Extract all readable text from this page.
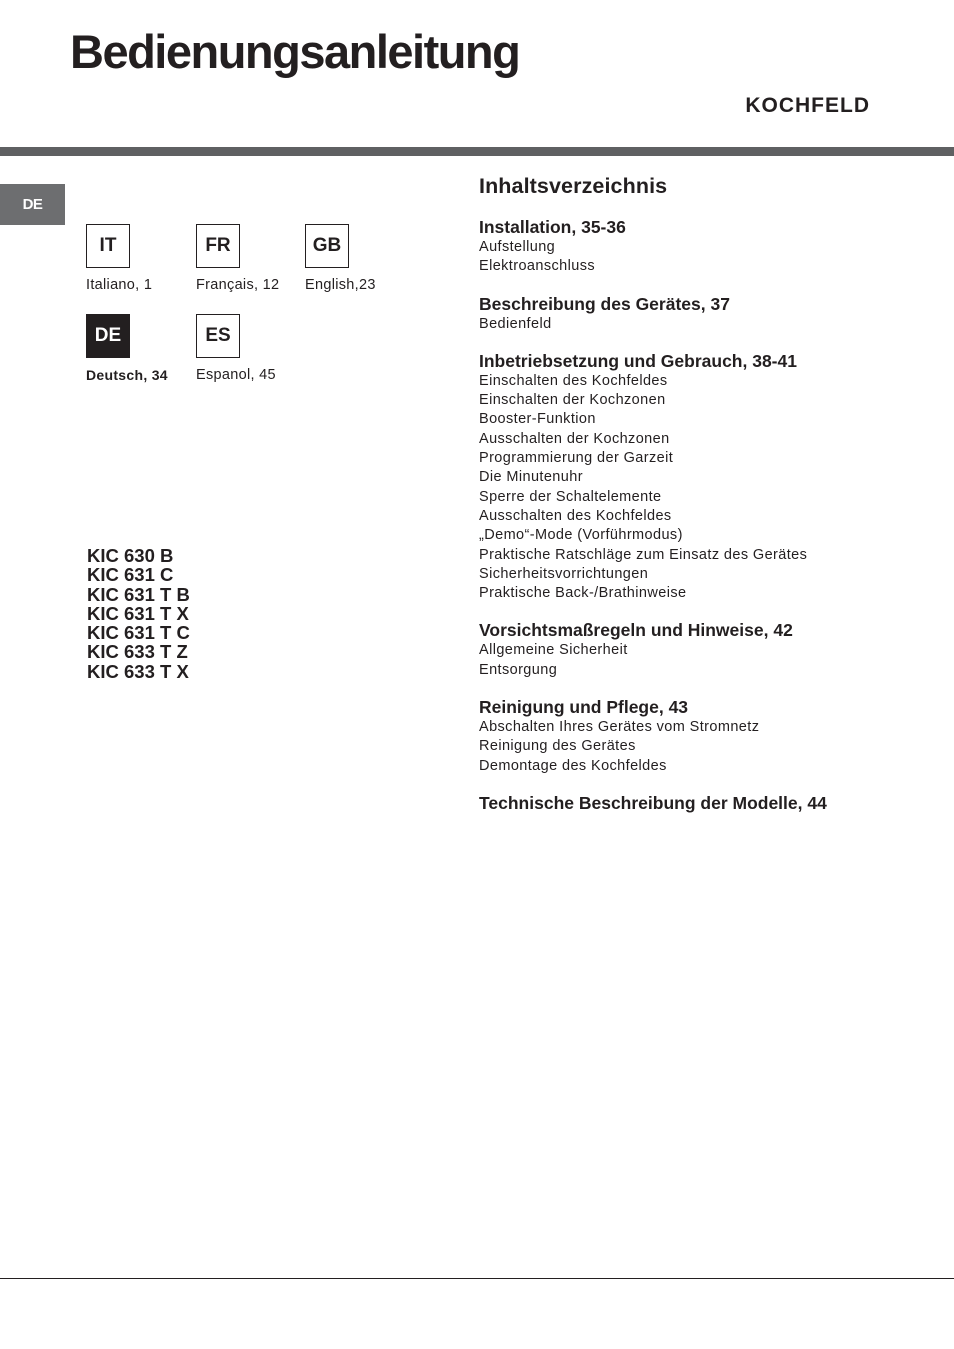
Bedienungsanleitung
KOCHFELD
DE
IT
Italiano, 1
FR
Français, 12
GB
English,23
DE
Deutsch, 34
ES
Espanol, 45
KIC 630 B
KIC 631 C
KIC 631 T B
KIC 631 T X
KIC 631 T C
KIC 633 T Z
KIC 633 T X
Inhaltsverzeichnis
Installation, 35-36
Aufstellung
Elektroanschluss
Beschreibung des Gerätes, 37
Bedienfeld
Inbetriebsetzung und Gebrauch, 38-41
Einschalten des Kochfeldes
Einschalten der Kochzonen
Booster-Funktion
Ausschalten der Kochzonen
Programmierung der Garzeit
Die Minutenuhr
Sperre der Schaltelemente
Ausschalten des Kochfeldes
„Demo“-Mode (Vorführmodus)
Praktische Ratschläge zum Einsatz des Gerätes
Sicherheitsvorrichtungen
Praktische Back-/Brathinweise
Vorsichtsmaßregeln und Hinweise, 42
Allgemeine Sicherheit
Entsorgung
Reinigung und Pflege, 43
Abschalten Ihres Gerätes vom Stromnetz
Reinigung des Gerätes
Demontage des Kochfeldes
Technische Beschreibung der Modelle, 44
